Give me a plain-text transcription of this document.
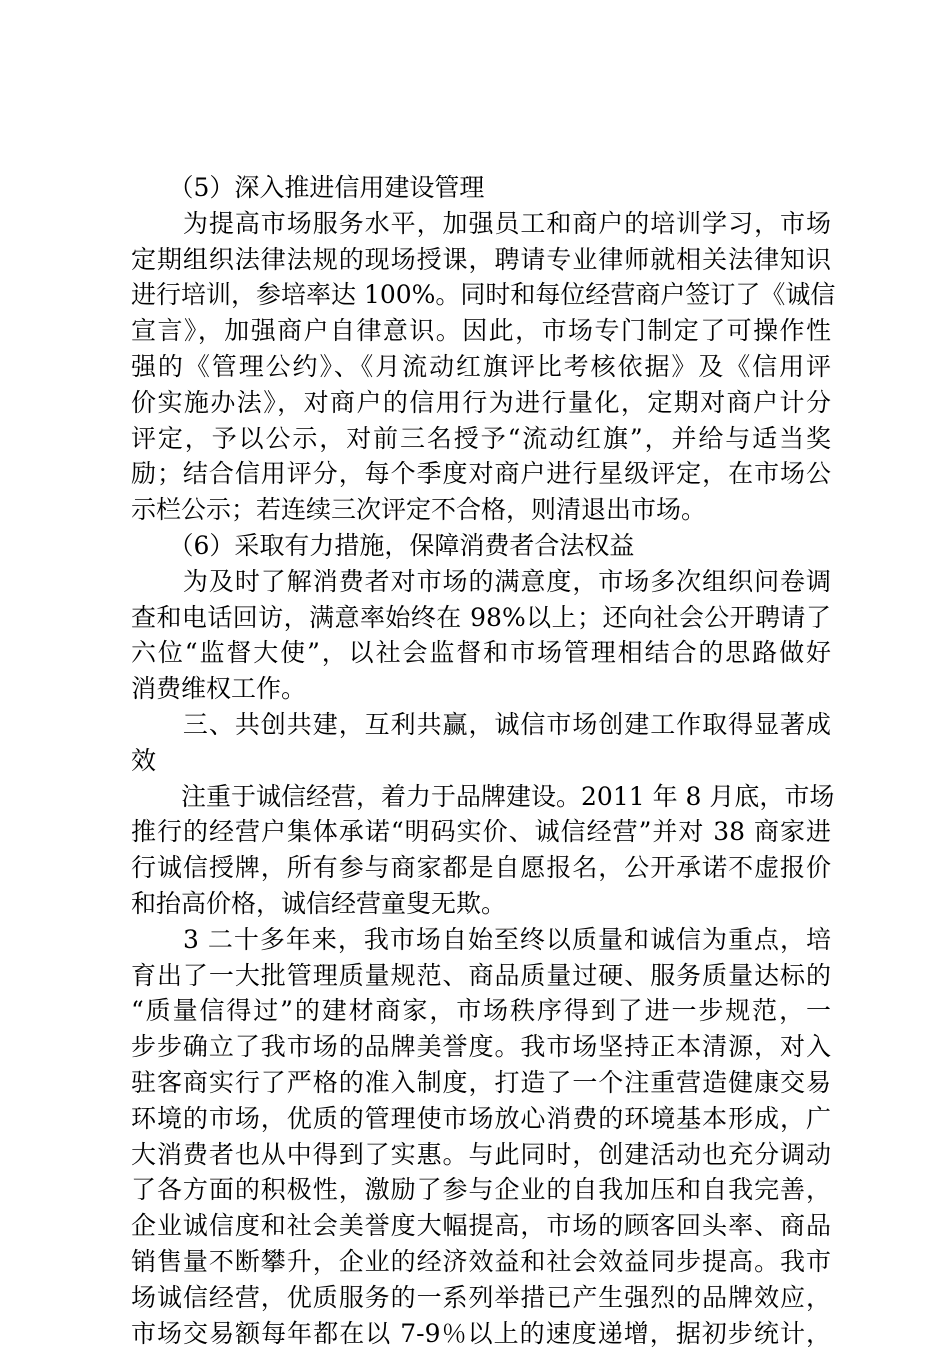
　　（5）深入推进信用建设管理
　　为提高市场服务水平，加强员工和商户的培训学习，市场
定期组织法律法规的现场授课，聘请专业律师就相关法律知识
进行培训，参培率达 100%。同时和每位经营商户签订了《诚信
宣言》，加强商户自律意识。因此，市场专门制定了可操作性
强的《管理公约》、《月流动红旗评比考核依据》及《信用评
价实施办法》，对商户的信用行为进行量化，定期对商户计分
评定，予以公示，对前三名授予“流动红旗”，并给与适当奖
励；结合信用评分，每个季度对商户进行星级评定，在市场公
示栏公示；若连续三次评定不合格，则清退出市场。
　　（6）采取有力措施，保障消费者合法权益
　　为及时了解消费者对市场的满意度，市场多次组织问卷调
查和电话回访，满意率始终在 98%以上；还向社会公开聘请了
六位“监督大使”，以社会监督和市场管理相结合的思路做好
消费维权工作。
　　三、共创共建，互利共赢，诚信市场创建工作取得显著成
效
　　注重于诚信经营，着力于品牌建设。2011 年 8 月底，市场
推行的经营户集体承诺“明码实价、诚信经营”并对 38 商家进
行诚信授牌，所有参与商家都是自愿报名，公开承诺不虚报价
和抬高价格，诚信经营童叟无欺。
　　3 二十多年来，我市场自始至终以质量和诚信为重点，培
育出了一大批管理质量规范、商品质量过硬、服务质量达标的
“质量信得过”的建材商家，市场秩序得到了进一步规范，一
步步确立了我市场的品牌美誉度。我市场坚持正本清源，对入
驻客商实行了严格的准入制度，打造了一个注重营造健康交易
环境的市场，优质的管理使市场放心消费的环境基本形成，广
大消费者也从中得到了实惠。与此同时，创建活动也充分调动
了各方面的积极性，激励了参与企业的自我加压和自我完善，
企业诚信度和社会美誉度大幅提高，市场的顾客回头率、商品
销售量不断攀升，企业的经济效益和社会效益同步提高。我市
场诚信经营，优质服务的一系列举措已产生强烈的品牌效应，
市场交易额每年都在以 7-9％以上的速度递增，据初步统计，
